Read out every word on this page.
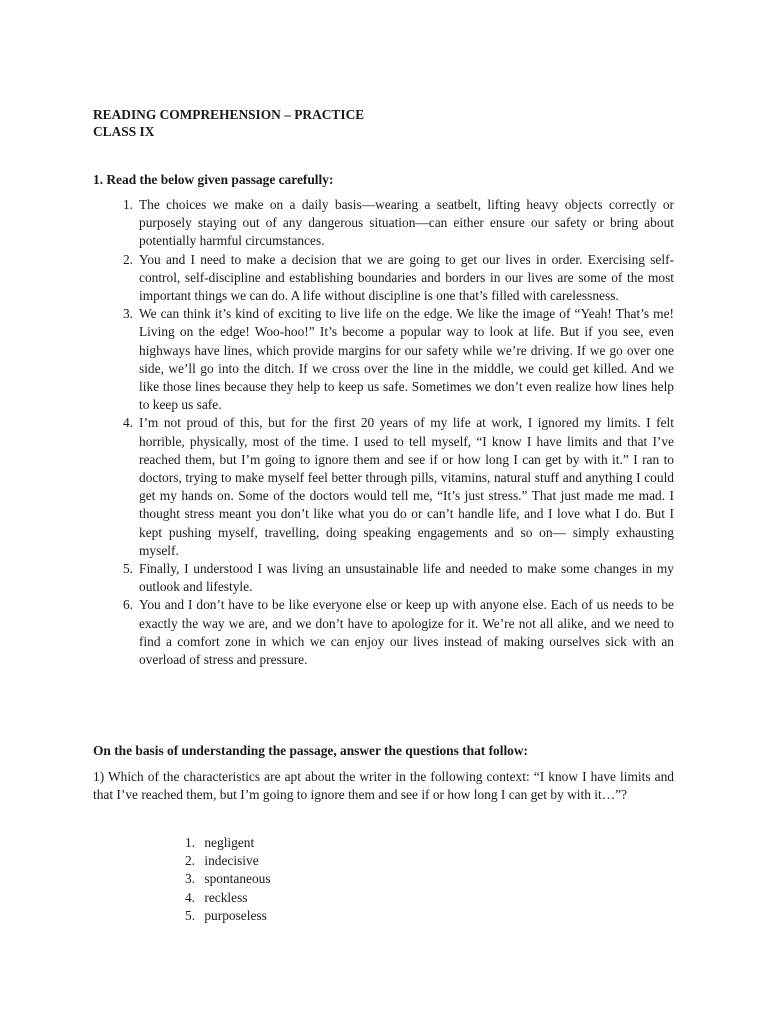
READING COMPREHENSION – PRACTICE
CLASS IX
1. Read the below given passage carefully:
1. The choices we make on a daily basis—wearing a seatbelt, lifting heavy objects correctly or purposely staying out of any dangerous situation—can either ensure our safety or bring about potentially harmful circumstances.
2. You and I need to make a decision that we are going to get our lives in order. Exercising self-control, self-discipline and establishing boundaries and borders in our lives are some of the most important things we can do. A life without discipline is one that’s filled with carelessness.
3. We can think it’s kind of exciting to live life on the edge. We like the image of “Yeah! That’s me! Living on the edge! Woo-hoo!” It’s become a popular way to look at life. But if you see, even highways have lines, which provide margins for our safety while we’re driving. If we go over one side, we’ll go into the ditch. If we cross over the line in the middle, we could get killed. And we like those lines because they help to keep us safe. Sometimes we don’t even realize how lines help to keep us safe.
4. I’m not proud of this, but for the first 20 years of my life at work, I ignored my limits. I felt horrible, physically, most of the time. I used to tell myself, “I know I have limits and that I’ve reached them, but I’m going to ignore them and see if or how long I can get by with it.” I ran to doctors, trying to make myself feel better through pills, vitamins, natural stuff and anything I could get my hands on. Some of the doctors would tell me, “It’s just stress.” That just made me mad. I thought stress meant you don’t like what you do or can’t handle life, and I love what I do. But I kept pushing myself, travelling, doing speaking engagements and so on— simply exhausting myself.
5. Finally, I understood I was living an unsustainable life and needed to make some changes in my outlook and lifestyle.
6. You and I don’t have to be like everyone else or keep up with anyone else. Each of us needs to be exactly the way we are, and we don’t have to apologize for it. We’re not all alike, and we need to find a comfort zone in which we can enjoy our lives instead of making ourselves sick with an overload of stress and pressure.
On the basis of understanding the passage, answer the questions that follow:
1) Which of the characteristics are apt about the writer in the following context: “I know I have limits and that I’ve reached them, but I’m going to ignore them and see if or how long I can get by with it…”?
1. negligent
2. indecisive
3. spontaneous
4. reckless
5. purposeless
